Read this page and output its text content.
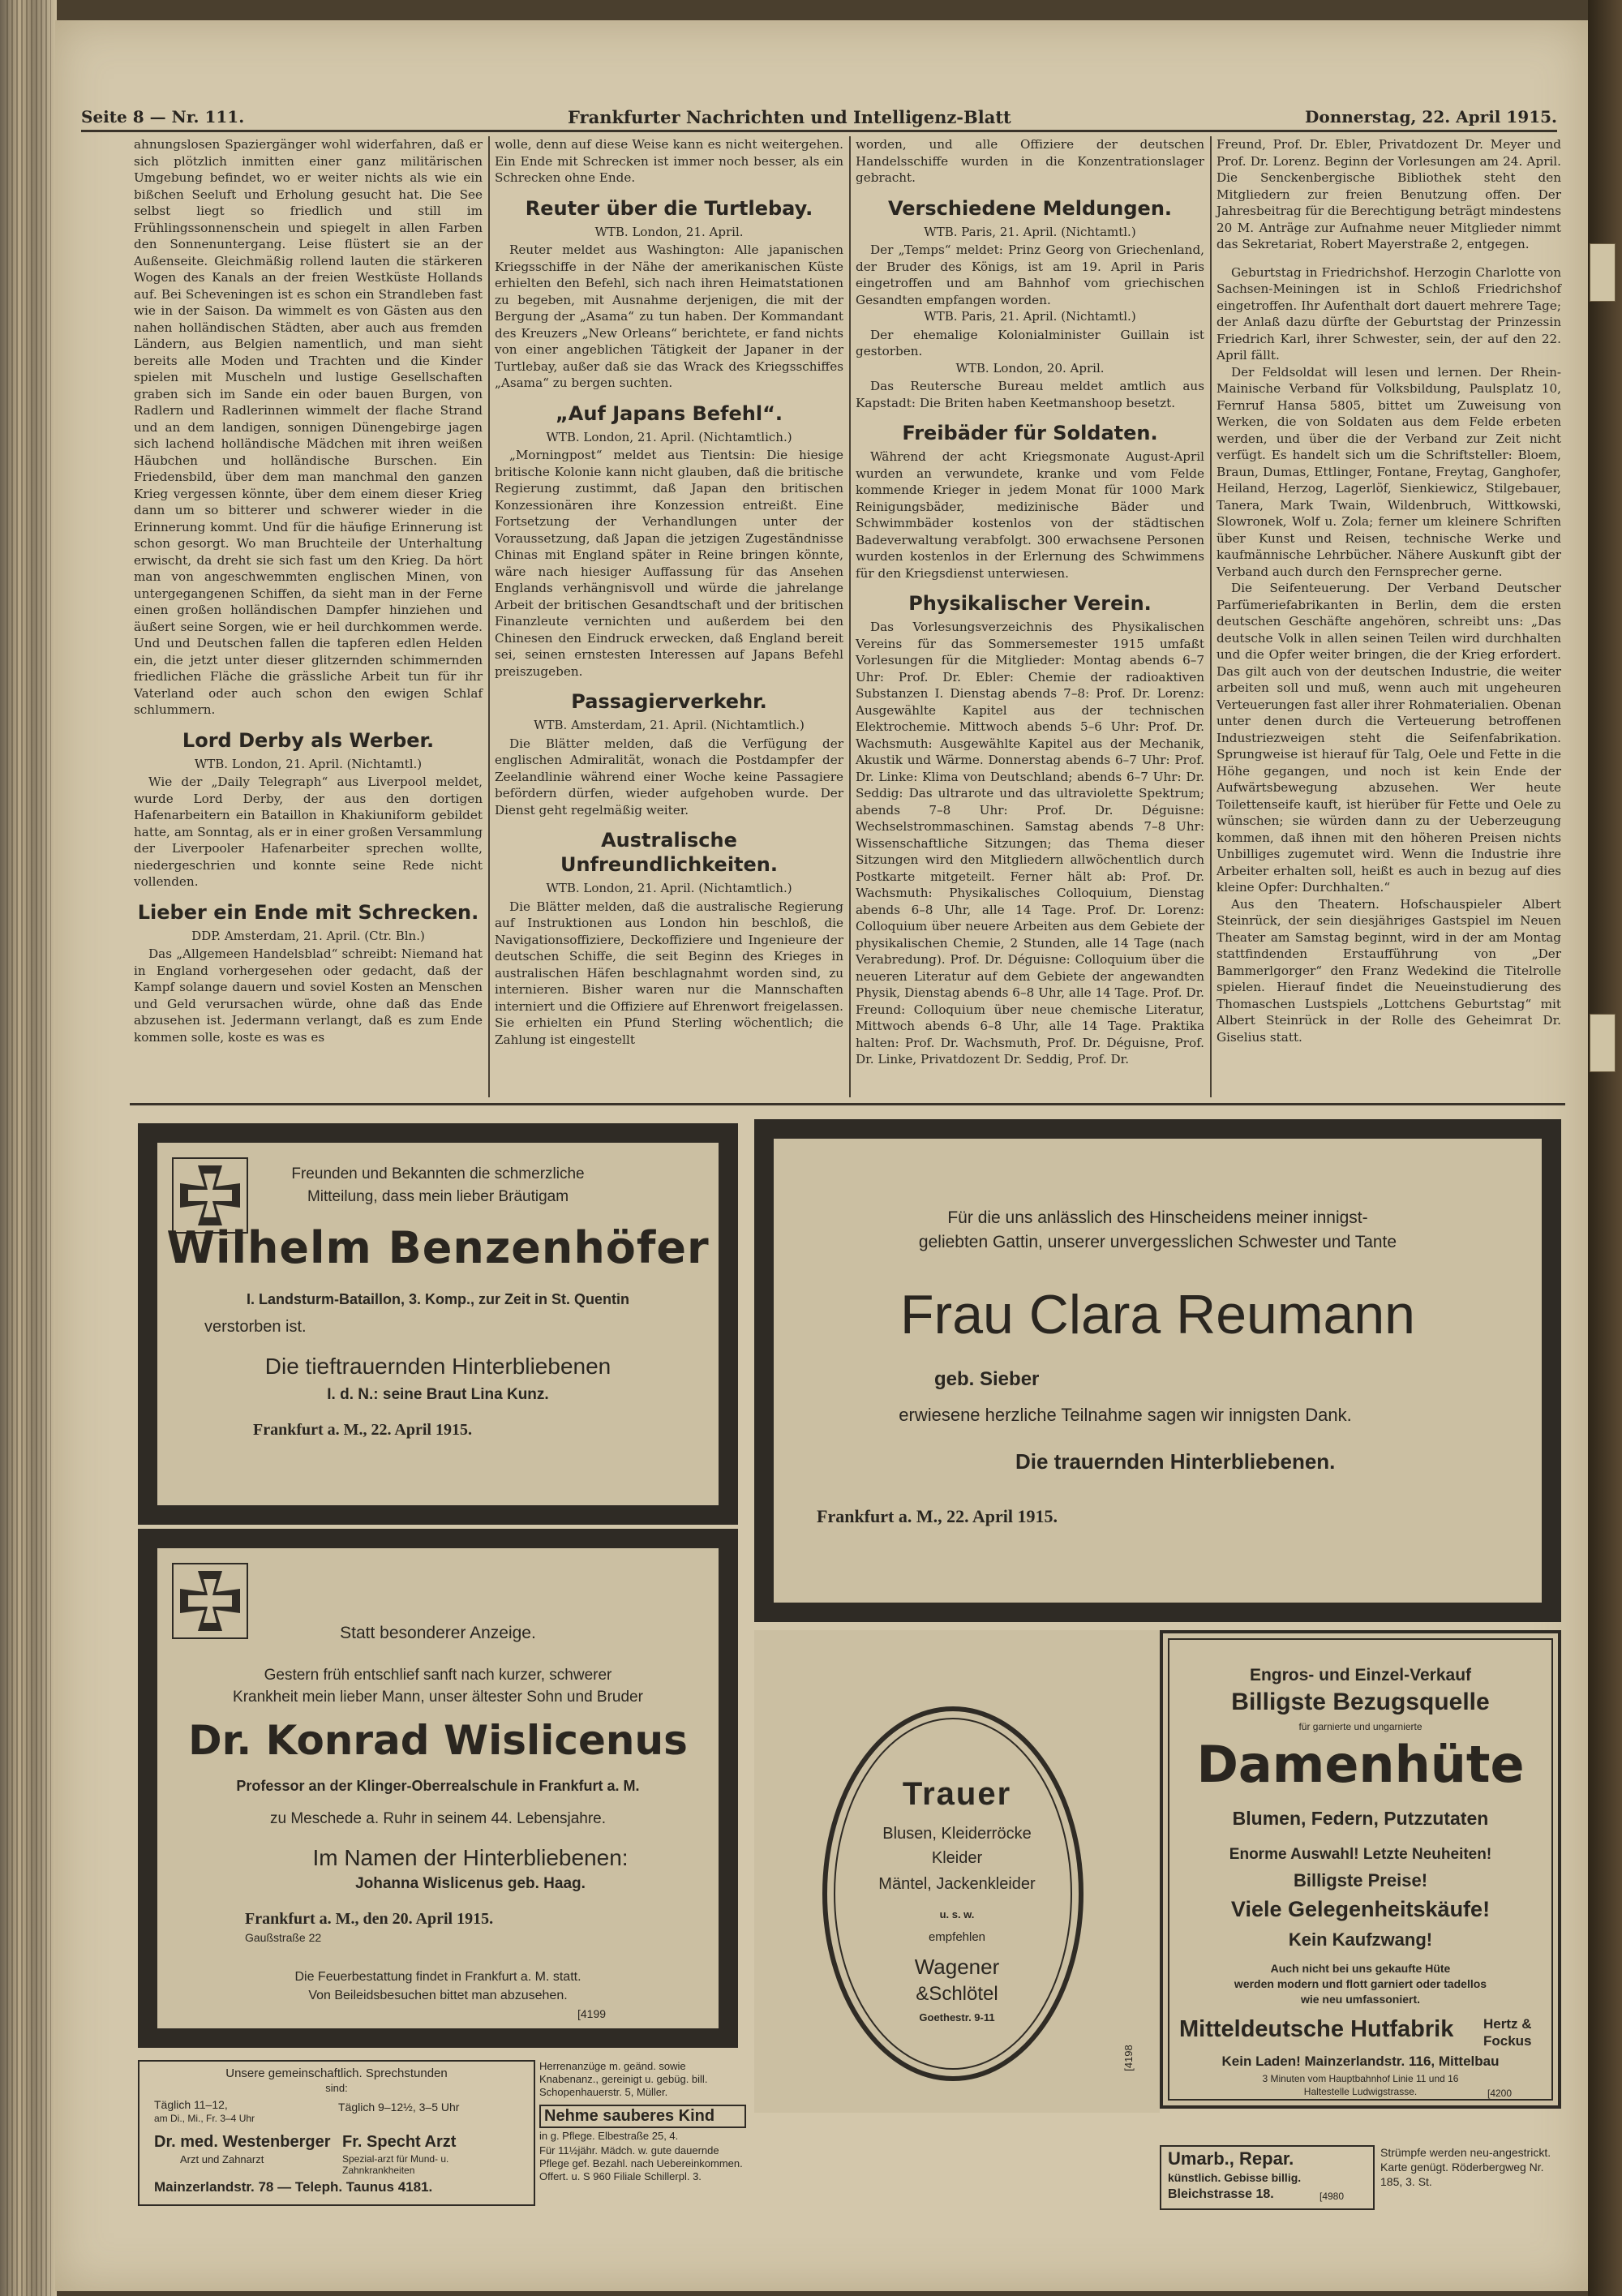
Seite 8 — Nr. 111.	Frankfurter Nachrichten und Intelligenz-Blatt	Donnerstag, 22. April 1915.

ahnungslosen Spaziergänger wohl widerfahren, daß er sich plötzlich inmitten einer ganz militärischen Umgebung befindet, wo er weiter nichts als wie ein bißchen Seeluft und Erholung gesucht hat. Die See selbst liegt so friedlich und still im Frühlingssonnenschein und spiegelt in allen Farben den Sonnenuntergang. Leise flüstert sie an der Außenseite. Gleichmäßig rollend lauten die stärkeren Wogen des Kanals an der freien Westküste Hollands auf. Bei Scheveningen ist es schon ein Strandleben fast wie in der Saison. Da wimmelt es von Gästen aus den nahen holländischen Städten, aber auch aus fremden Ländern, aus Belgien namentlich, und man sieht bereits alle Moden und Trachten und die Kinder spielen mit Muscheln und lustige Gesellschaften graben sich im Sande ein oder bauen Burgen, von Radlern und Radlerinnen wimmelt der flache Strand und an dem landigen, sonnigen Dünengebirge jagen sich lachend holländische Mädchen mit ihren weißen Häubchen und holländische Burschen. Ein Friedensbild, über dem man manchmal den ganzen Krieg vergessen könnte, über dem einem dieser Krieg dann um so bitterer und schwerer wieder in die Erinnerung kommt. Und für die häufige Erinnerung ist schon gesorgt. Wo man Bruchteile der Unterhaltung erwischt, da dreht sie sich fast um den Krieg. Da hört man von angeschwemmten englischen Minen, von untergegangenen Schiffen, da sieht man in der Ferne einen großen holländischen Dampfer hinziehen und äußert seine Sorgen, wie er heil durchkommen werde. Und und Deutschen fallen die tapferen edlen Helden ein, die jetzt unter dieser glitzernden schimmernden friedlichen Fläche die grässliche Arbeit tun für ihr Vaterland oder auch schon den ewigen Schlaf schlummern.

Lord Derby als Werber.
WTB. London, 21. April. (Nichtamtl.)

Wie der „Daily Telegraph“ aus Liverpool meldet, wurde Lord Derby, der aus den dortigen Hafenarbeitern ein Bataillon in Khakiuniform gebildet hatte, am Sonntag, als er in einer großen Versammlung der Liverpooler Hafenarbeiter sprechen wollte, niedergeschrien und konnte seine Rede nicht vollenden.

Lieber ein Ende mit Schrecken.
DDP. Amsterdam, 21. April. (Ctr. Bln.)

Das „Allgemeen Handelsblad“ schreibt: Niemand hat in England vorhergesehen oder gedacht, daß der Kampf solange dauern und soviel Kosten an Menschen und Geld verursachen würde, ohne daß das Ende abzusehen ist. Jedermann verlangt, daß es zum Ende kommen solle, koste es was es

wolle, denn auf diese Weise kann es nicht weitergehen. Ein Ende mit Schrecken ist immer noch besser, als ein Schrecken ohne Ende.

Reuter über die Turtlebay.
WTB. London, 21. April.

Reuter meldet aus Washington: Alle japanischen Kriegsschiffe in der Nähe der amerikanischen Küste erhielten den Befehl, sich nach ihren Heimatstationen zu begeben, mit Ausnahme derjenigen, die mit der Bergung der „Asama“ zu tun haben. Der Kommandant des Kreuzers „New Orleans“ berichtete, er fand nichts von einer angeblichen Tätigkeit der Japaner in der Turtlebay, außer daß sie das Wrack des Kriegsschiffes „Asama“ zu bergen suchten.

„Auf Japans Befehl“.
WTB. London, 21. April. (Nichtamtlich.)

„Morningpost“ meldet aus Tientsin: Die hiesige britische Kolonie kann nicht glauben, daß die britische Regierung zustimmt, daß Japan den britischen Konzessionären ihre Konzession entreißt. Eine Fortsetzung der Verhandlungen unter der Voraussetzung, daß Japan die jetzigen Zugeständnisse Chinas mit England später in Reine bringen könnte, wäre nach hiesiger Auffassung für das Ansehen Englands verhängnisvoll und würde die jahrelange Arbeit der britischen Gesandtschaft und der britischen Finanzleute vernichten und außerdem bei den Chinesen den Eindruck erwecken, daß England bereit sei, seinen ernstesten Interessen auf Japans Befehl preiszugeben.

Passagierverkehr.
WTB. Amsterdam, 21. April. (Nichtamtlich.)

Die Blätter melden, daß die Verfügung der englischen Admiralität, wonach die Postdampfer der Zeelandlinie während einer Woche keine Passagiere befördern dürfen, wieder aufgehoben wurde. Der Dienst geht regelmäßig weiter.

Australische Unfreundlichkeiten.
WTB. London, 21. April. (Nichtamtlich.)

Die Blätter melden, daß die australische Regierung auf Instruktionen aus London hin beschloß, die Navigationsoffiziere, Deckoffiziere und Ingenieure der deutschen Schiffe, die seit Beginn des Krieges in australischen Häfen beschlagnahmt worden sind, zu internieren. Bisher waren nur die Mannschaften interniert und die Offiziere auf Ehrenwort freigelassen. Sie erhielten ein Pfund Sterling wöchentlich; die Zahlung ist eingestellt

worden, und alle Offiziere der deutschen Handelsschiffe wurden in die Konzentrationslager gebracht.

Verschiedene Meldungen.
WTB. Paris, 21. April. (Nichtamtl.)

Der „Temps“ meldet: Prinz Georg von Griechenland, der Bruder des Königs, ist am 19. April in Paris eingetroffen und am Bahnhof vom griechischen Gesandten empfangen worden.

WTB. Paris, 21. April. (Nichtamtl.)

Der ehemalige Kolonialminister Guillain ist gestorben.

WTB. London, 20. April.

Das Reutersche Bureau meldet amtlich aus Kapstadt: Die Briten haben Keetmanshoop besetzt.

Freibäder für Soldaten.

Während der acht Kriegsmonate August-April wurden an verwundete, kranke und vom Felde kommende Krieger in jedem Monat für 1000 Mark Reinigungsbäder, medizinische Bäder und Schwimmbäder kostenlos von der städtischen Badeverwaltung verabfolgt. 300 erwachsene Personen wurden kostenlos in der Erlernung des Schwimmens für den Kriegsdienst unterwiesen.

Physikalischer Verein.

Das Vorlesungsverzeichnis des Physikalischen Vereins für das Sommersemester 1915 umfaßt Vorlesungen für die Mitglieder: Montag abends 6–7 Uhr: Prof. Dr. Ebler: Chemie der radioaktiven Substanzen I. Dienstag abends 7–8: Prof. Dr. Lorenz: Ausgewählte Kapitel aus der technischen Elektrochemie. Mittwoch abends 5–6 Uhr: Prof. Dr. Wachsmuth: Ausgewählte Kapitel aus der Mechanik, Akustik und Wärme. Donnerstag abends 6–7 Uhr: Prof. Dr. Linke: Klima von Deutschland; abends 6–7 Uhr: Dr. Seddig: Das ultrarote und das ultraviolette Spektrum; abends 7–8 Uhr: Prof. Dr. Déguisne: Wechselstrommaschinen. Samstag abends 7–8 Uhr: Wissenschaftliche Sitzungen; das Thema dieser Sitzungen wird den Mitgliedern allwöchentlich durch Postkarte mitgeteilt. Ferner hält ab: Prof. Dr. Wachsmuth: Physikalisches Colloquium, Dienstag abends 6–8 Uhr, alle 14 Tage. Prof. Dr. Lorenz: Colloquium über neuere Arbeiten aus dem Gebiete der physikalischen Chemie, 2 Stunden, alle 14 Tage (nach Verabredung). Prof. Dr. Déguisne: Colloquium über die neueren Literatur auf dem Gebiete der angewandten Physik, Dienstag abends 6–8 Uhr, alle 14 Tage. Prof. Dr. Freund: Colloquium über neue chemische Literatur, Mittwoch abends 6–8 Uhr, alle 14 Tage. Praktika halten: Prof. Dr. Wachsmuth, Prof. Dr. Déguisne, Prof. Dr. Linke, Privatdozent Dr. Seddig, Prof. Dr.

Freund, Prof. Dr. Ebler, Privatdozent Dr. Meyer und Prof. Dr. Lorenz. Beginn der Vorlesungen am 24. April. Die Senckenbergische Bibliothek steht den Mitgliedern zur freien Benutzung offen. Der Jahresbeitrag für die Berechtigung beträgt mindestens 20 M. Anträge zur Aufnahme neuer Mitglieder nimmt das Sekretariat, Robert Mayerstraße 2, entgegen.

Geburtstag in Friedrichshof. Herzogin Charlotte von Sachsen-Meiningen ist in Schloß Friedrichshof eingetroffen. Ihr Aufenthalt dort dauert mehrere Tage; der Anlaß dazu dürfte der Geburtstag der Prinzessin Friedrich Karl, ihrer Schwester, sein, der auf den 22. April fällt.

Der Feldsoldat will lesen und lernen. Der Rhein-Mainische Verband für Volksbildung, Paulsplatz 10, Fernruf Hansa 5805, bittet um Zuweisung von Werken, die von Soldaten aus dem Felde erbeten werden, und über die der Verband zur Zeit nicht verfügt. Es handelt sich um die Schriftsteller: Bloem, Braun, Dumas, Ettlinger, Fontane, Freytag, Ganghofer, Heiland, Herzog, Lagerlöf, Sienkiewicz, Stilgebauer, Tanera, Mark Twain, Wildenbruch, Wittkowski, Slowronek, Wolf u. Zola; ferner um kleinere Schriften über Kunst und Reisen, technische Werke und kaufmännische Lehrbücher. Nähere Auskunft gibt der Verband auch durch den Fernsprecher gerne.

Die Seifenteuerung. Der Verband Deutscher Parfümeriefabrikanten in Berlin, dem die ersten deutschen Geschäfte angehören, schreibt uns: „Das deutsche Volk in allen seinen Teilen wird durchhalten und die Opfer weiter bringen, die der Krieg erfordert. Das gilt auch von der deutschen Industrie, die weiter arbeiten soll und muß, wenn auch mit ungeheuren Verteuerungen fast aller ihrer Rohmaterialien. Obenan unter denen durch die Verteuerung betroffenen Industriezweigen steht die Seifenfabrikation. Sprungweise ist hierauf für Talg, Oele und Fette in die Höhe gegangen, und noch ist kein Ende der Aufwärtsbewegung abzusehen. Wer heute Toilettenseife kauft, ist hierüber für Fette und Oele zu wünschen; sie würden dann zu der Ueberzeugung kommen, daß ihnen mit den höheren Preisen nichts Unbilliges zugemutet wird. Wenn die Industrie ihre Arbeiter erhalten soll, heißt es auch in bezug auf dies kleine Opfer: Durchhalten.“

Aus den Theatern. Hofschauspieler Albert Steinrück, der sein diesjähriges Gastspiel im Neuen Theater am Samstag beginnt, wird in der am Montag stattfindenden Erstaufführung von „Der Bammerlgorger“ den Franz Wedekind die Titelrolle spielen. Hierauf findet die Neueinstudierung des Thomaschen Lustspiels „Lottchens Geburtstag“ mit Albert Steinrück in der Rolle des Geheimrat Dr. Giselius statt.

Freunden und Bekannten die schmerzliche
Mitteilung, dass mein lieber Bräutigam
Wilhelm Benzenhöfer
I. Landsturm-Bataillon, 3. Komp., zur Zeit in St. Quentin
verstorben ist.
Die tieftrauernden Hinterbliebenen
I. d. N.: seine Braut Lina Kunz.
Frankfurt a. M., 22. April 1915.
Für die uns anlässlich des Hinscheidens meiner innigst-
geliebten Gattin, unserer unvergesslichen Schwester und Tante
Frau Clara Reumann
geb. Sieber
erwiesene herzliche Teilnahme sagen wir innigsten Dank.
Die trauernden Hinterbliebenen.
Frankfurt a. M., 22. April 1915.
Statt besonderer Anzeige.
Gestern früh entschlief sanft nach kurzer, schwerer
Krankheit mein lieber Mann, unser ältester Sohn und Bruder
Dr. Konrad Wislicenus
Professor an der Klinger-Oberrealschule in Frankfurt a. M.
zu Meschede a. Ruhr in seinem 44. Lebensjahre.
Im Namen der Hinterbliebenen:
Johanna Wislicenus geb. Haag.
Frankfurt a. M., den 20. April 1915.
Gaußstraße 22
Die Feuerbestattung findet in Frankfurt a. M. statt.
Von Beileidsbesuchen bittet man abzusehen.
[4199
Trauer
Blusen, Kleiderröcke
Kleider
Mäntel, Jackenkleider
u. s. w.
empfehlen
Wagener
&Schlötel
Goethestr. 9-11
[4198
Engros- und Einzel-Verkauf
Billigste Bezugsquelle
für garnierte und ungarnierte
Damenhüte
Blumen, Federn, Putzzutaten
Enorme Auswahl! Letzte Neuheiten!
Billigste Preise!
Viele Gelegenheitskäufe!
Kein Kaufzwang!
Auch nicht bei uns gekaufte Hüte
werden modern und flott garniert oder tadellos
wie neu umfassoniert.
Mitteldeutsche Hutfabrik	Hertz &
Fockus
Kein Laden! Mainzerlandstr. 116, Mittelbau
3 Minuten vom Hauptbahnhof Linie 11 und 16
Haltestelle Ludwigstrasse.	[4200
Unsere gemeinschaftlich. Sprechstunden
sind:
Täglich 11–12,
am Di., Mi., Fr. 3–4 Uhr
Täglich 9–12½, 3–5 Uhr
Dr. med. Westenberger
Arzt und Zahnarzt
Fr. Specht Arzt
Spezial-arzt für Mund- u. Zahnkrankheiten
Mainzerlandstr. 78 — Teleph. Taunus 4181.
Herrenanzüge m. geänd. sowie Knabenanz., gereinigt u. gebüg. bill. Schopenhauerstr. 5, Müller.
Nehme sauberes Kind
in g. Pflege. Elbestraße 25, 4.
Für 11½jähr. Mädch. w. gute dauernde Pflege gef. Bezahl. nach Uebereinkommen. Offert. u. S 960 Filiale Schillerpl. 3.
Umarb., Repar.
künstlich. Gebisse billig.
Bleichstrasse 18.	[4980
Strümpfe werden neu-angestrickt. Karte genügt. Röderbergweg Nr. 185, 3. St.
